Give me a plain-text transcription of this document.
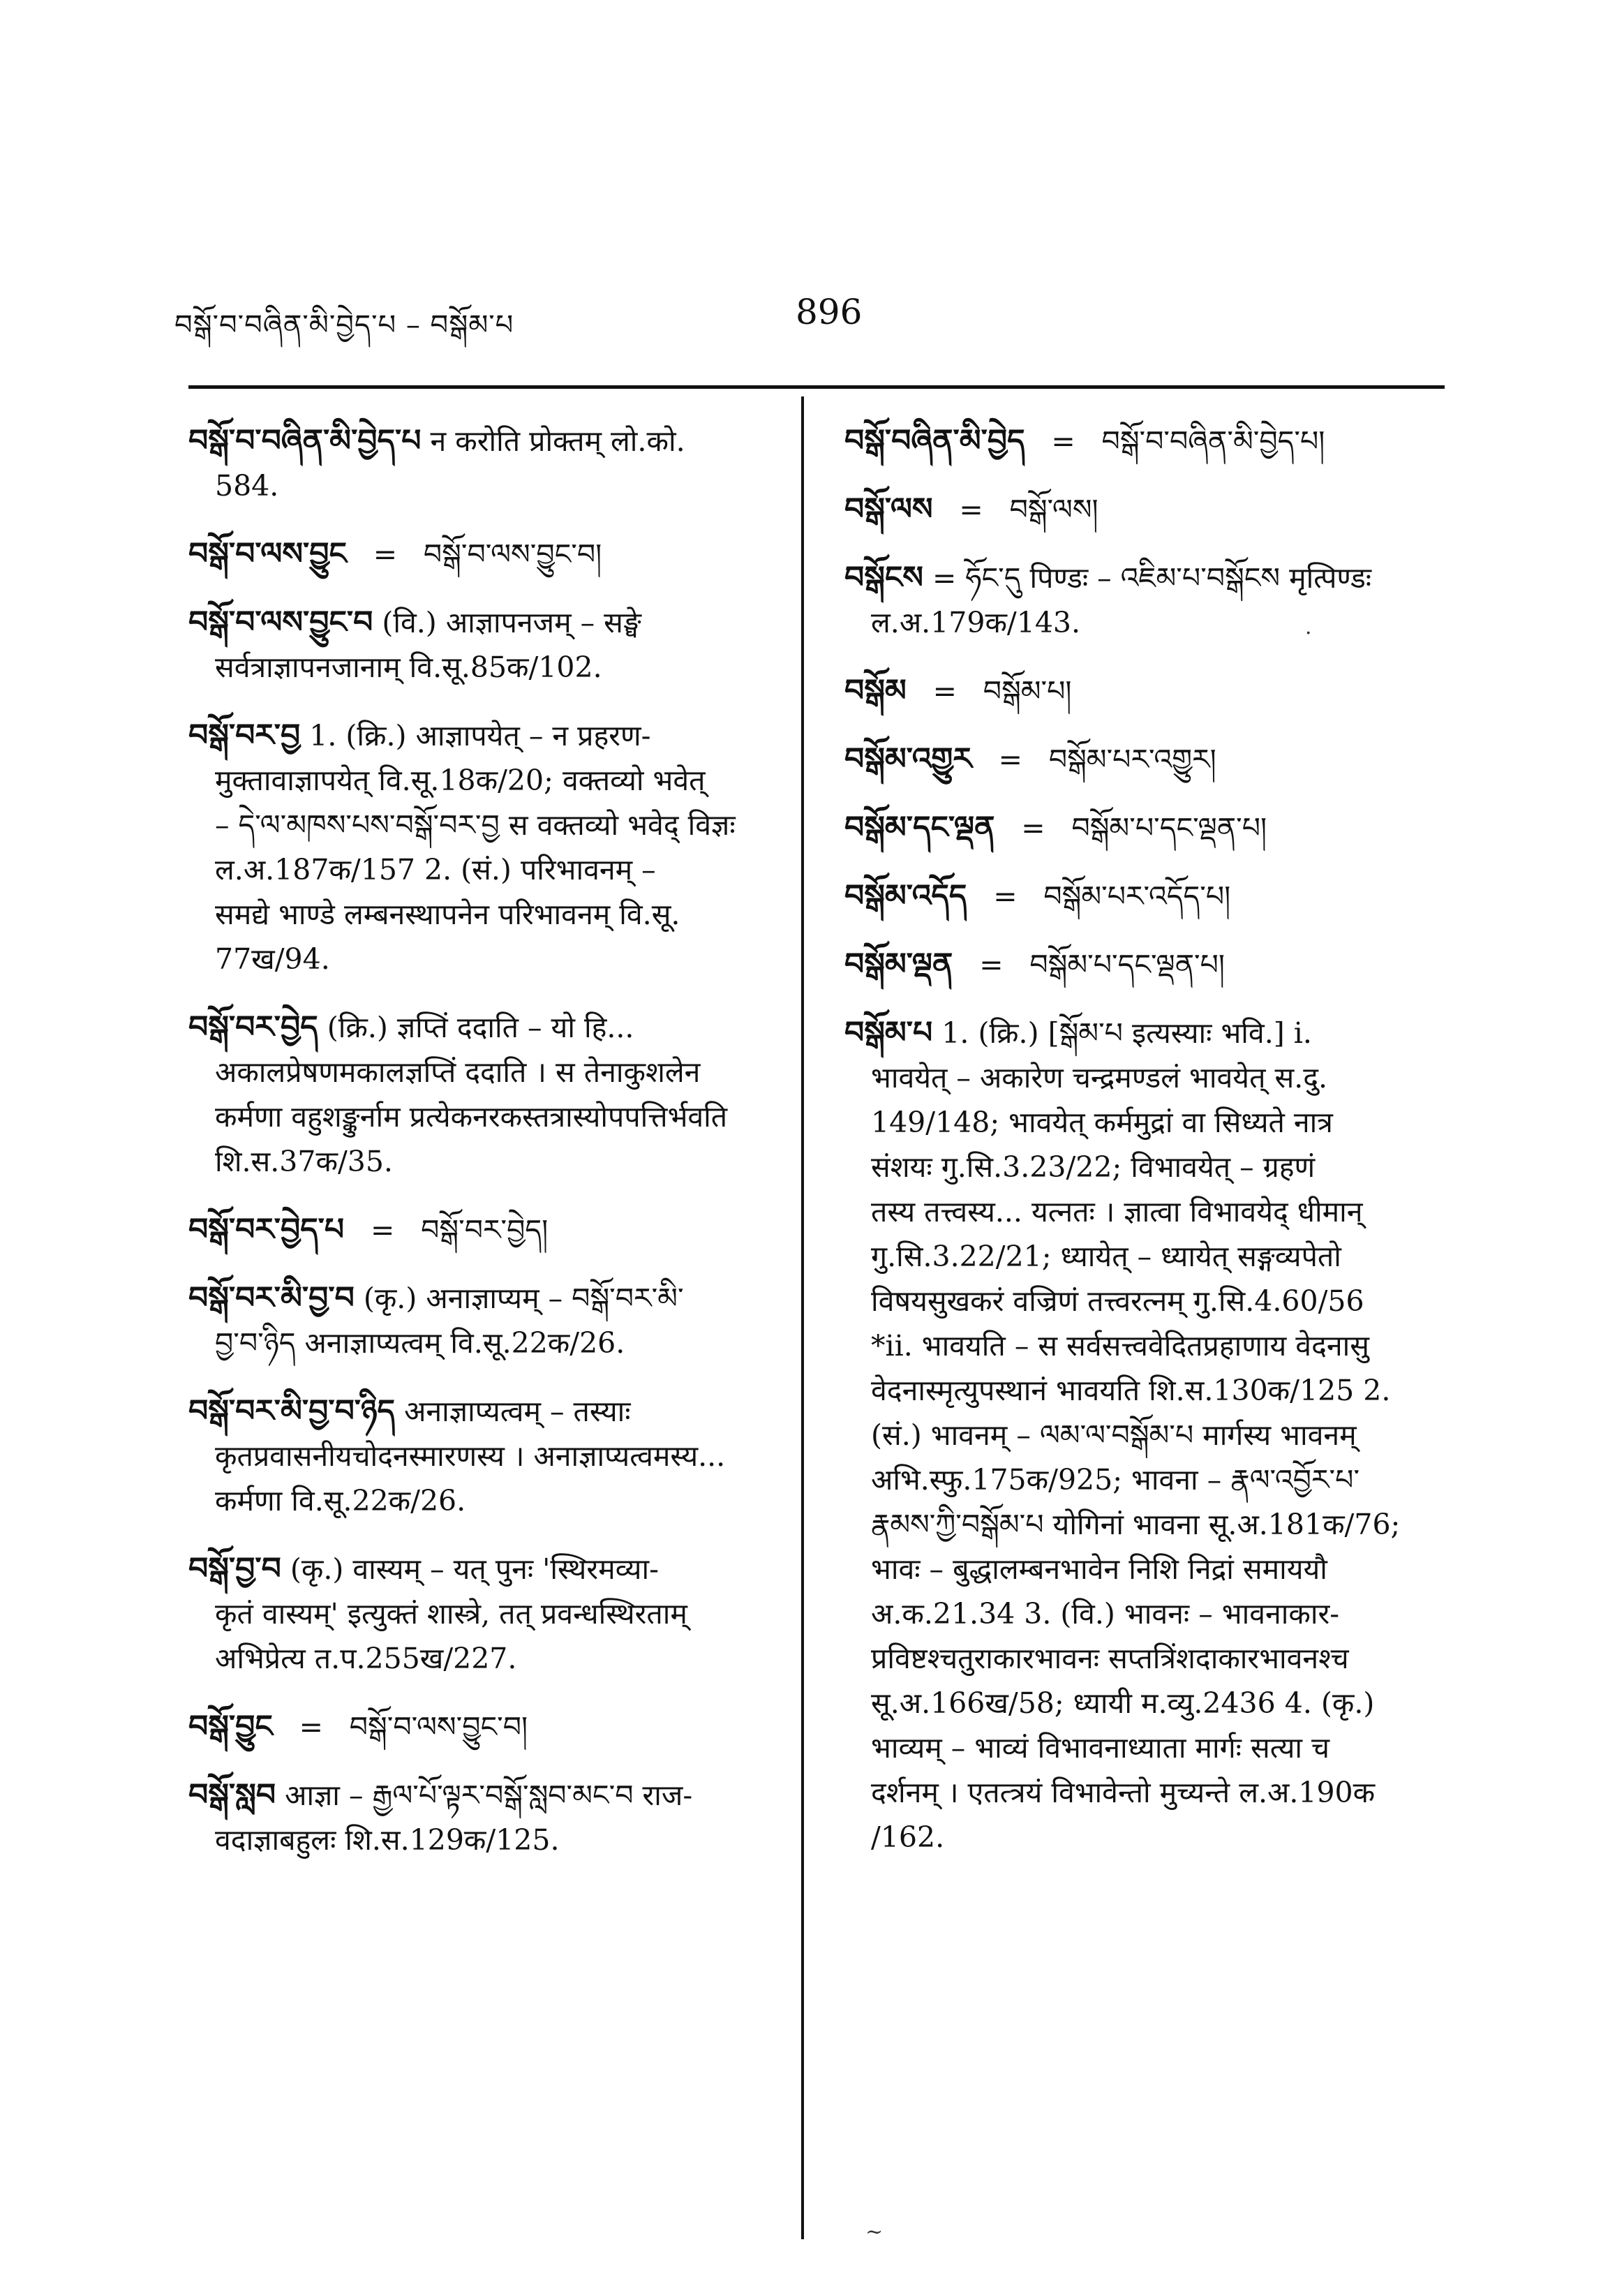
བསྒོ་བ་བཞིན་མི་བྱེད་པ – བསྒོམ་པ	896

བསྒོ་བ་བཞིན་མི་བྱེད་པ न करोति प्रोक्तम् लो.को.

584.

བསྒོ་བ་ལས་བྱུང = བསྒོ་བ་ལས་བྱུང་བ།

བསྒོ་བ་ལས་བྱུང་བ (वि.) आज्ञापनजम् – सङ्घे

सर्वत्राज्ञापनजानाम् वि.सू.85क/102.

བསྒོ་བར་བྱ 1. (क्रि.) आज्ञापयेत् – न प्रहरण-

मुक्तावाज्ञापयेत् वि.सू.18क/20; वक्तव्यो भवेत्

– དེ་ལ་མཁས་པས་བསྒོ་བར་བྱ स वक्तव्यो भवेद् विज्ञः

ल.अ.187क/157 2. (सं.) परिभावनम् –

समद्ये भाण्डे लम्बनस्थापनेन परिभावनम् वि.सू.

77ख/94.

བསྒོ་བར་བྱེད (क्रि.) ज्ञप्तिं ददाति – यो हि...

अकालप्रेषणमकालज्ञप्तिं ददाति । स तेनाकुशलेन

कर्मणा वहुशङ्कुर्नाम प्रत्येकनरकस्तत्रास्योपपत्तिर्भवति

शि.स.37क/35.

བསྒོ་བར་བྱེད་པ = བསྒོ་བར་བྱེད།

བསྒོ་བར་མི་བྱ་བ (कृ.) अनाज्ञाप्यम् – བསྒོ་བར་མི་

བྱ་བ་ཉིད अनाज्ञाप्यत्वम् वि.सू.22क/26.

བསྒོ་བར་མི་བྱ་བ་ཉིད अनाज्ञाप्यत्वम् – तस्याः

कृतप्रवासनीयचोदनस्मारणस्य । अनाज्ञाप्यत्वमस्य...

कर्मणा वि.सू.22क/26.

བསྒོ་བྱ་བ (कृ.) वास्यम् – यत् पुनः 'स्थिरमव्या-

कृतं वास्यम्' इत्युक्तं शास्त्रे, तत् प्रवन्धस्थिरताम्

अभिप्रेत्य त.प.255ख/227.

བསྒོ་བྱུང = བསྒོ་བ་ལས་བྱུང་བ།

བསྒོ་སླབ आज्ञा – རྒྱལ་པོ་ལྟར་བསྒོ་སླབ་མང་བ राज-

वदाज्ञाबहुलः शि.स.129क/125.

བསྒོ་བཞིན་མི་བྱེད = བསྒོ་བ་བཞིན་མི་བྱེད་པ།

བསྒོ་ལས = བསྒོ་ལས།

བསྒོངས = ཧོང་དུ पिण्डः – འཇིམ་པ་བསྒོངས मृत्पिण्डः

ल.अ.179क/143.

བསྒོམ = བསྒོམ་པ།

བསྒོམ་འགྱུར = བསྒོམ་པར་འགྱུར།

བསྒོམ་དང་ལྡན = བསྒོམ་པ་དང་ལྡན་པ།

བསྒོམ་འདོད = བསྒོམ་པར་འདོད་པ།

བསྒོམ་ལྡན = བསྒོམ་པ་དང་ལྡན་པ།

བསྒོམ་པ 1. (क्रि.) [སྒོམ་པ इत्यस्याः भवि.] i.

भावयेत् – अकारेण चन्द्रमण्डलं भावयेत् स.दु.

149/148; भावयेत् कर्ममुद्रां वा सिध्यते नात्र

संशयः गु.सि.3.23/22; विभावयेत् – ग्रहणं

तस्य तत्त्वस्य... यत्नतः । ज्ञात्वा विभावयेद् धीमान्

गु.सि.3.22/21; ध्यायेत् – ध्यायेत् सङ्गव्यपेतो

विषयसुखकरं वज्रिणं तत्त्वरत्नम् गु.सि.4.60/56

*ii. भावयति – स सर्वसत्त्ववेदितप्रहाणाय वेदनासु

वेदनास्मृत्युपस्थानं भावयति शि.स.130क/125 2.

(सं.) भावनम् – ལམ་ལ་བསྒོམ་པ मार्गस्य भावनम्

अभि.स्फु.175क/925; भावना – རྣལ་འབྱོར་པ་

རྣམས་ཀྱི་བསྒོམ་པ योगिनां भावना सू.अ.181क/76;

भावः – बुद्धालम्बनभावेन निशि निद्रां समाययौ

अ.क.21.34 3. (वि.) भावनः – भावनाकार-

प्रविष्टश्चतुराकारभावनः सप्तत्रिंशदाकारभावनश्च

सू.अ.166ख/58; ध्यायी म.व्यु.2436 4. (कृ.)

भाव्यम् – भाव्यं विभावनाध्याता मार्गः सत्या च

दर्शनम् । एतत्त्रयं विभावेन्तो मुच्यन्ते ल.अ.190क

/162.

·
~
